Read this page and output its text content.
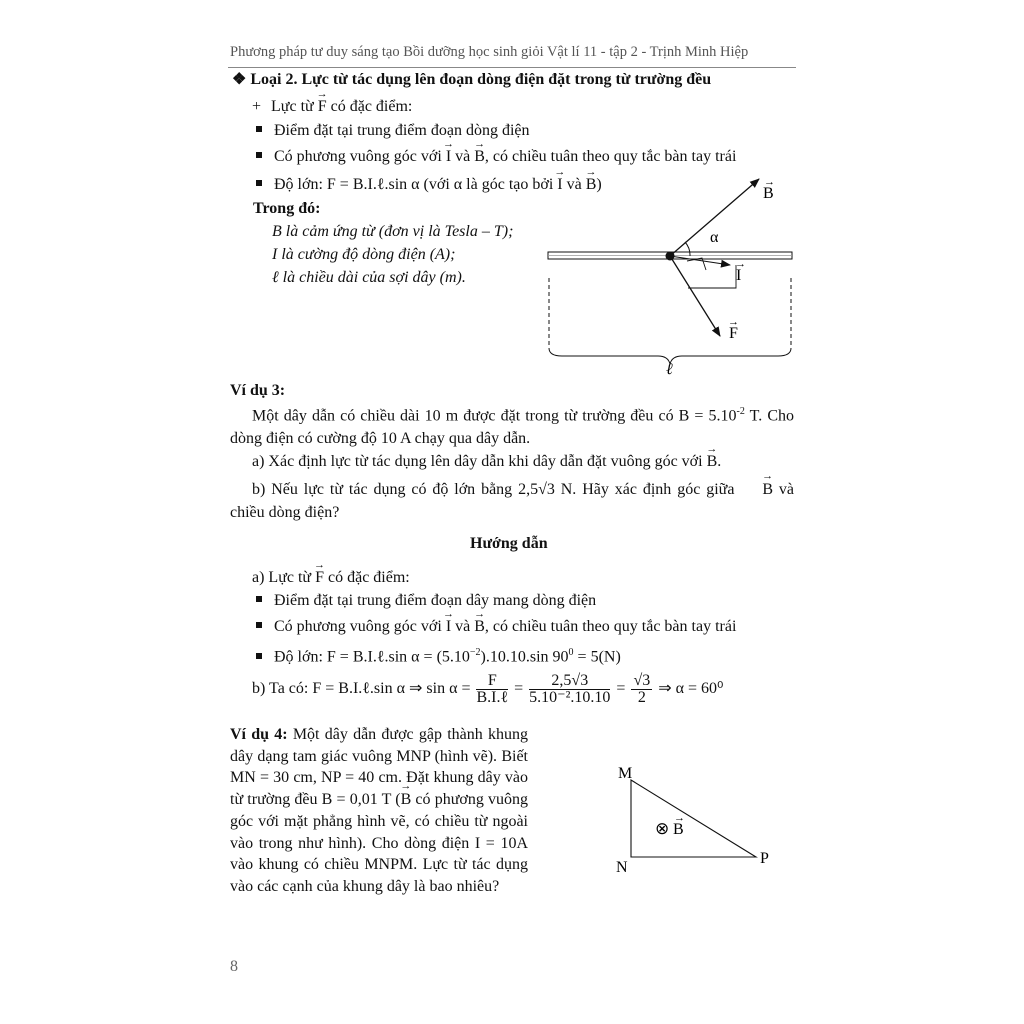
Phương pháp tư duy sáng tạo Bồi dưỡng học sinh giỏi Vật lí 11 - tập 2 - Trịnh Minh Hiệp
❖ Loại 2. Lực từ tác dụng lên đoạn dòng điện đặt trong từ trường đều
+ Lực từ → F có đặc điểm:
Điểm đặt tại trung điểm đoạn dòng điện
Có phương vuông góc với → I và → B, có chiều tuân theo quy tắc bàn tay trái
Độ lớn: F = B.I.ℓ.sin α (với α là góc tạo bởi → I và → B)
Trong đó:
B là cảm ứng từ (đơn vị là Tesla – T);
I là cường độ dòng điện (A);
ℓ là chiều dài của sợi dây (m).
B
→
α
I
→
F
→
ℓ
Ví dụ 3:
Một dây dẫn có chiều dài 10 m được đặt trong từ trường đều có $B = 5.10^{-2}$ T. Cho dòng điện có cường độ 10 A chạy qua dây dẫn.
a) Xác định lực từ tác dụng lên dây dẫn khi dây dẫn đặt vuông góc với → B.
b) Nếu lực từ tác dụng có độ lớn bằng 2,5√3 N. Hãy xác định góc giữa → B và chiều dòng điện?
Hướng dẫn
a) Lực từ → F có đặc điểm:
Điểm đặt tại trung điểm đoạn dây mang dòng điện
Có phương vuông góc với → I và → B, có chiều tuân theo quy tắc bàn tay trái
Độ lớn: F = B.I.ℓ.sin $\alpha = (5.10^{-2}).10.10.\sin$ $90^0 = 5(N)$
b) Ta có: F = B.I.ℓ.sin α ⇒ $\sin \alpha = \frac{F}{\text{B.I.ℓ}} = \frac{2,5√3}{\text{5.10⁻².10.10}} = \frac{√3}{2}$ ⇒ α = 60⁰
Ví dụ 4: Một dây dẫn được gập thành khung dây dạng tam giác vuông MNP (hình vẽ). Biết MN = 30 cm, NP = 40 cm. Đặt khung dây vào từ trường đều B = 0,01 T (→ B có phương vuông góc với mặt phẳng hình vẽ, có chiều từ ngoài vào trong như hình). Cho dòng điện I = 10A vào khung có chiều MNPM. Lực từ tác dụng vào các cạnh của khung dây là bao nhiêu?
M
N
P
⊗ B
→
8
